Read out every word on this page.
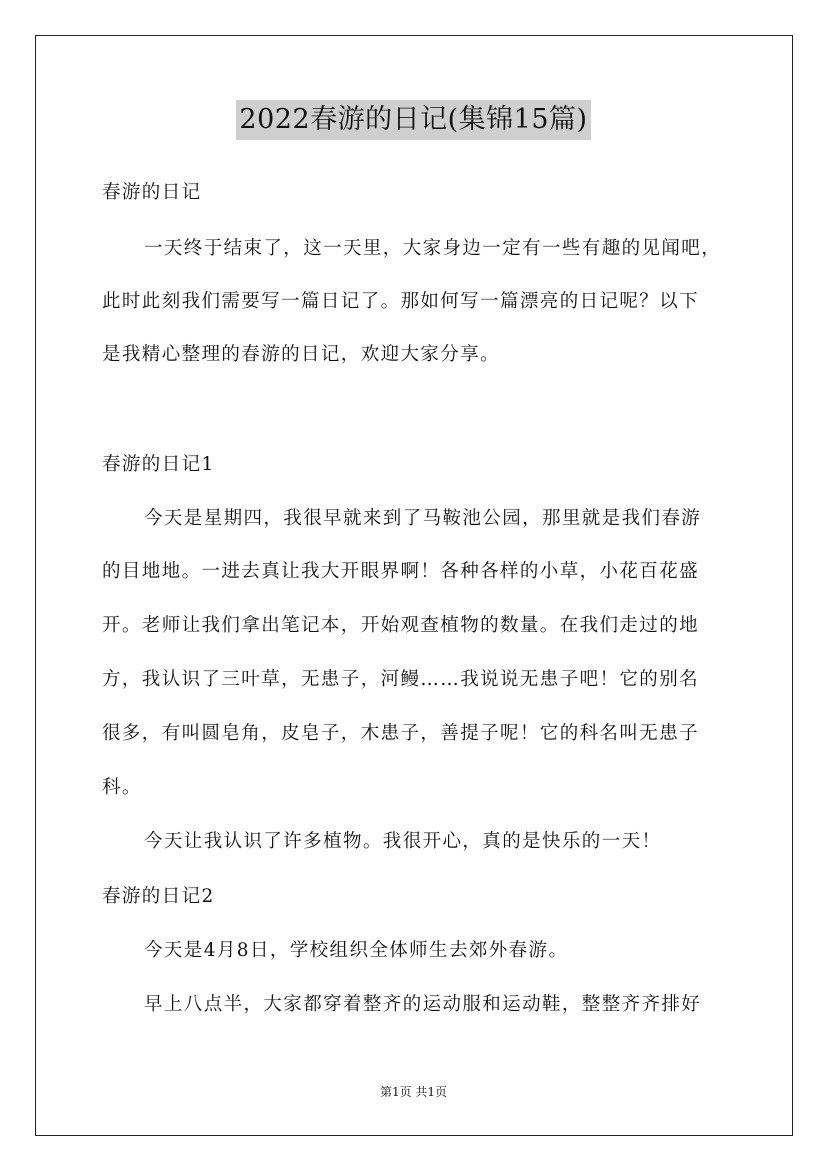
2022春游的日记(集锦15篇)
春游的日记
一天终于结束了，这一天里，大家身边一定有一些有趣的见闻吧，
此时此刻我们需要写一篇日记了。那如何写一篇漂亮的日记呢？以下
是我精心整理的春游的日记，欢迎大家分享。
春游的日记1
今天是星期四，我很早就来到了马鞍池公园，那里就是我们春游
的目地地。一进去真让我大开眼界啊！各种各样的小草，小花百花盛
开。老师让我们拿出笔记本，开始观查植物的数量。在我们走过的地
方，我认识了三叶草，无患子，河鳗……我说说无患子吧！它的别名
很多，有叫圆皂角，皮皂子，木患子，善提子呢！它的科名叫无患子
科。
今天让我认识了许多植物。我很开心，真的是快乐的一天！
春游的日记2
今天是4月8日，学校组织全体师生去郊外春游。
早上八点半，大家都穿着整齐的运动服和运动鞋，整整齐齐排好
第1页 共1页
